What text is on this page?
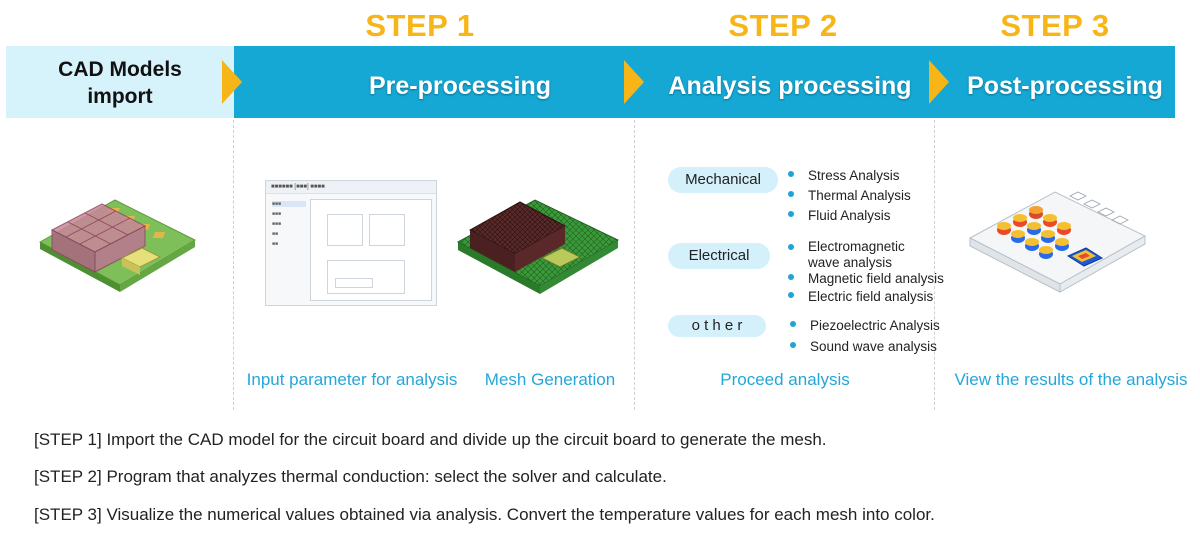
STEP 1	STEP 2	STEP 3
CAD Models
import	Pre-processing	Analysis processing	Post-processing
■■■■■■ [■■■] ■■■■
■■■
■■■
■■■
■■
■■
Input parameter for analysis	Mesh Generation	Proceed analysis	View the results of the analysis
Mechanical	Stress Analysis
Thermal Analysis
Fluid Analysis
Electrical
Electromagnetic
wave analysis
Magnetic field analysis
Electric field analysis
o t h e r	Piezoelectric Analysis
Sound wave analysis
[STEP 1] Import the CAD model for the circuit board and divide up the circuit board to generate the mesh.
[STEP 2] Program that analyzes thermal conduction: select the solver and calculate.
[STEP 3] Visualize the numerical values obtained via analysis. Convert the temperature values for each mesh into color.
